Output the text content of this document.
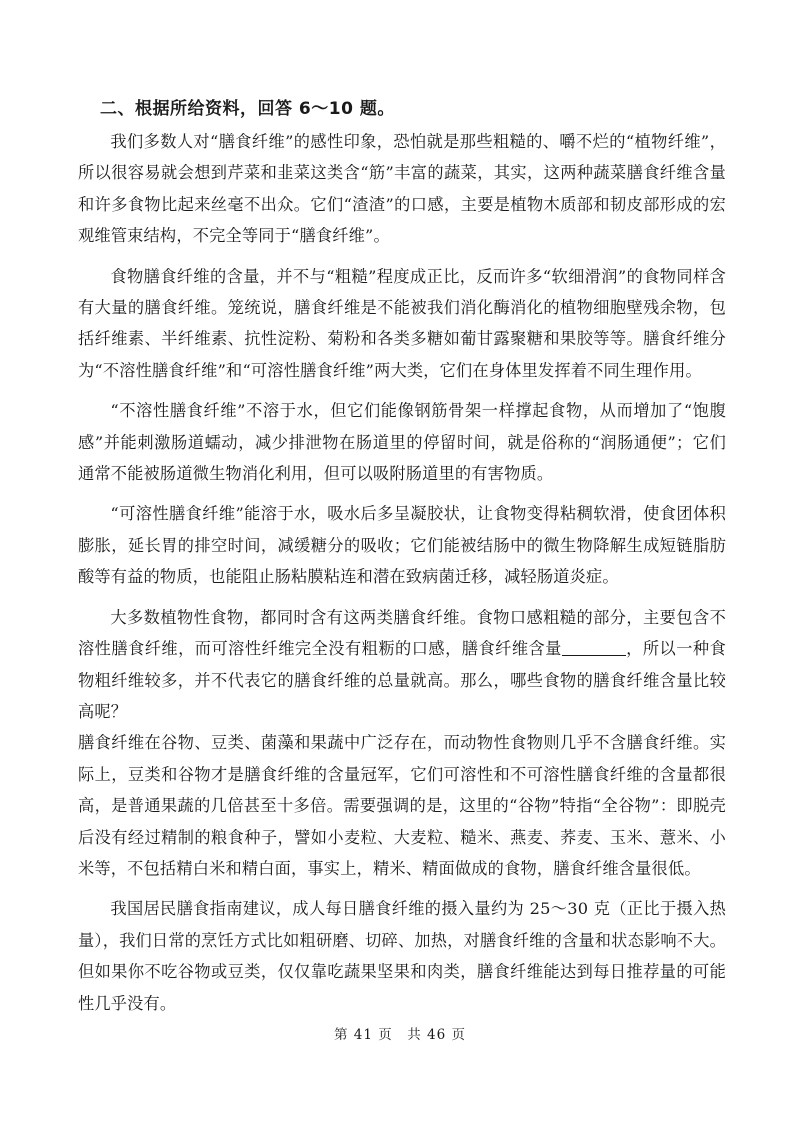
二、根据所给资料，回答 6～10 题。

我们多数人对“膳食纤维”的感性印象，恐怕就是那些粗糙的、嚼不烂的“植物纤维”，所以很容易就会想到芹菜和韭菜这类含“筋”丰富的蔬菜，其实，这两种蔬菜膳食纤维含量和许多食物比起来丝毫不出众。它们“渣渣”的口感，主要是植物木质部和韧皮部形成的宏观维管束结构，不完全等同于“膳食纤维”。

食物膳食纤维的含量，并不与“粗糙”程度成正比，反而许多“软细滑润”的食物同样含有大量的膳食纤维。笼统说，膳食纤维是不能被我们消化酶消化的植物细胞壁残余物，包括纤维素、半纤维素、抗性淀粉、菊粉和各类多糖如葡甘露聚糖和果胶等等。膳食纤维分为“不溶性膳食纤维”和“可溶性膳食纤维”两大类，它们在身体里发挥着不同生理作用。

“不溶性膳食纤维”不溶于水，但它们能像钢筋骨架一样撑起食物，从而增加了“饱腹感”并能刺激肠道蠕动，减少排泄物在肠道里的停留时间，就是俗称的“润肠通便”；它们通常不能被肠道微生物消化利用，但可以吸附肠道里的有害物质。

“可溶性膳食纤维”能溶于水，吸水后多呈凝胶状，让食物变得粘稠软滑，使食团体积膨胀，延长胃的排空时间，减缓糖分的吸收；它们能被结肠中的微生物降解生成短链脂肪酸等有益的物质，也能阻止肠粘膜粘连和潜在致病菌迁移，减轻肠道炎症。

大多数植物性食物，都同时含有这两类膳食纤维。食物口感粗糙的部分，主要包含不溶性膳食纤维，而可溶性纤维完全没有粗粝的口感，膳食纤维含量	，所以一种食物粗纤维较多，并不代表它的膳食纤维的总量就高。那么，哪些食物的膳食纤维含量比较高呢？

膳食纤维在谷物、豆类、菌藻和果蔬中广泛存在，而动物性食物则几乎不含膳食纤维。实际上，豆类和谷物才是膳食纤维的含量冠军，它们可溶性和不可溶性膳食纤维的含量都很高，是普通果蔬的几倍甚至十多倍。需要强调的是，这里的“谷物”特指“全谷物”：即脱壳后没有经过精制的粮食种子，譬如小麦粒、大麦粒、糙米、燕麦、荞麦、玉米、薏米、小米等，不包括精白米和精白面，事实上，精米、精面做成的食物，膳食纤维含量很低。

我国居民膳食指南建议，成人每日膳食纤维的摄入量约为 25～30 克（正比于摄入热量），我们日常的烹饪方式比如粗研磨、切碎、加热，对膳食纤维的含量和状态影响不大。但如果你不吃谷物或豆类，仅仅靠吃蔬果坚果和肉类，膳食纤维能达到每日推荐量的可能性几乎没有。

第 41 页　共 46 页
